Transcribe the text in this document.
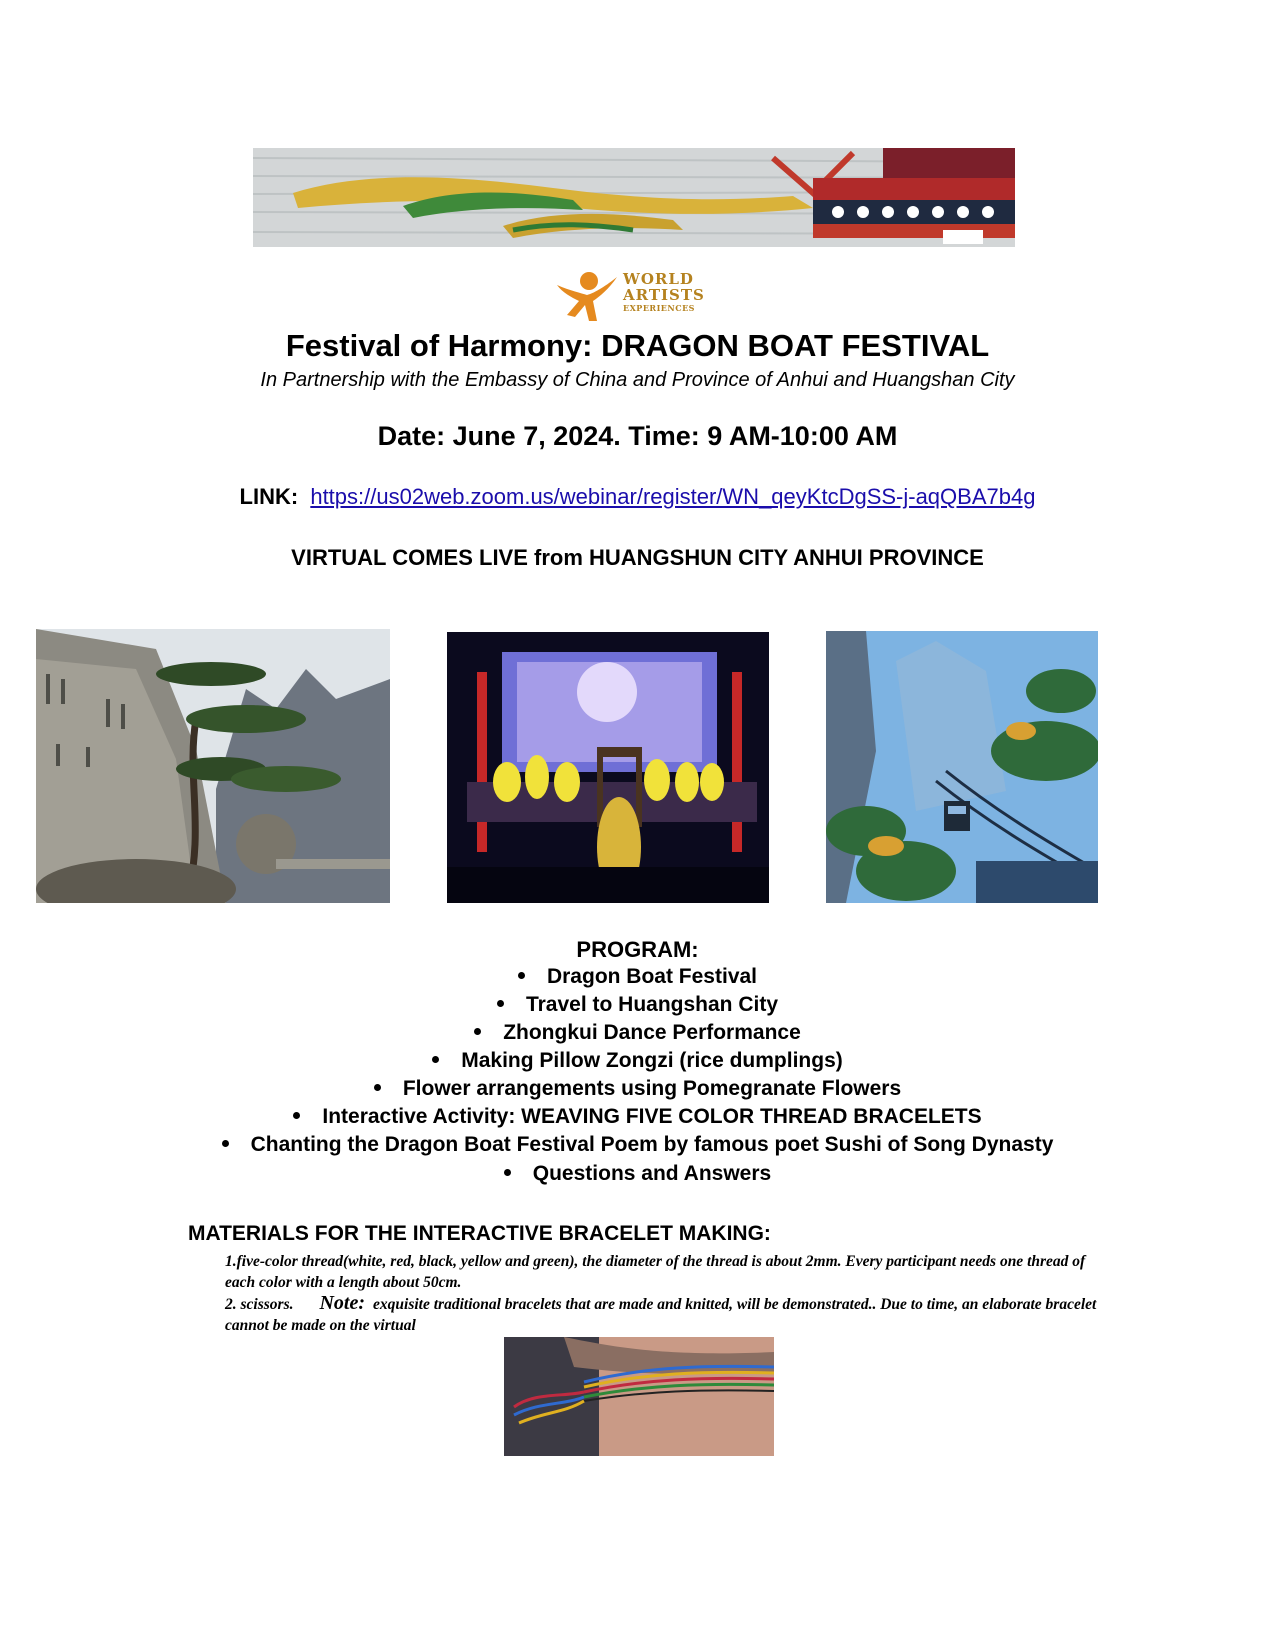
WORLD
ARTISTS
EXPERIENCES
Festival of Harmony: DRAGON BOAT FESTIVAL
In Partnership with the Embassy of China and Province of Anhui and Huangshan City
Date: June 7, 2024. Time: 9 AM-10:00 AM
LINK: https://us02web.zoom.us/webinar/register/WN_qeyKtcDgSS-j-aqQBA7b4g
VIRTUAL COMES LIVE from HUANGSHUN CITY ANHUI PROVINCE
PROGRAM:
Dragon Boat Festival
Travel to Huangshan City
Zhongkui Dance Performance
Making Pillow Zongzi (rice dumplings)
Flower arrangements using Pomegranate Flowers
Interactive Activity: WEAVING FIVE COLOR THREAD BRACELETS
Chanting the Dragon Boat Festival Poem by famous poet Sushi of Song Dynasty
Questions and Answers
MATERIALS FOR THE INTERACTIVE BRACELET MAKING:
1.five-color thread(white, red, black, yellow and green), the diameter of the thread is about 2mm. Every participant needs one thread of each color with a length about 50cm.
2. scissors. Note: exquisite traditional bracelets that are made and knitted, will be demonstrated.. Due to time, an elaborate bracelet cannot be made on the virtual
